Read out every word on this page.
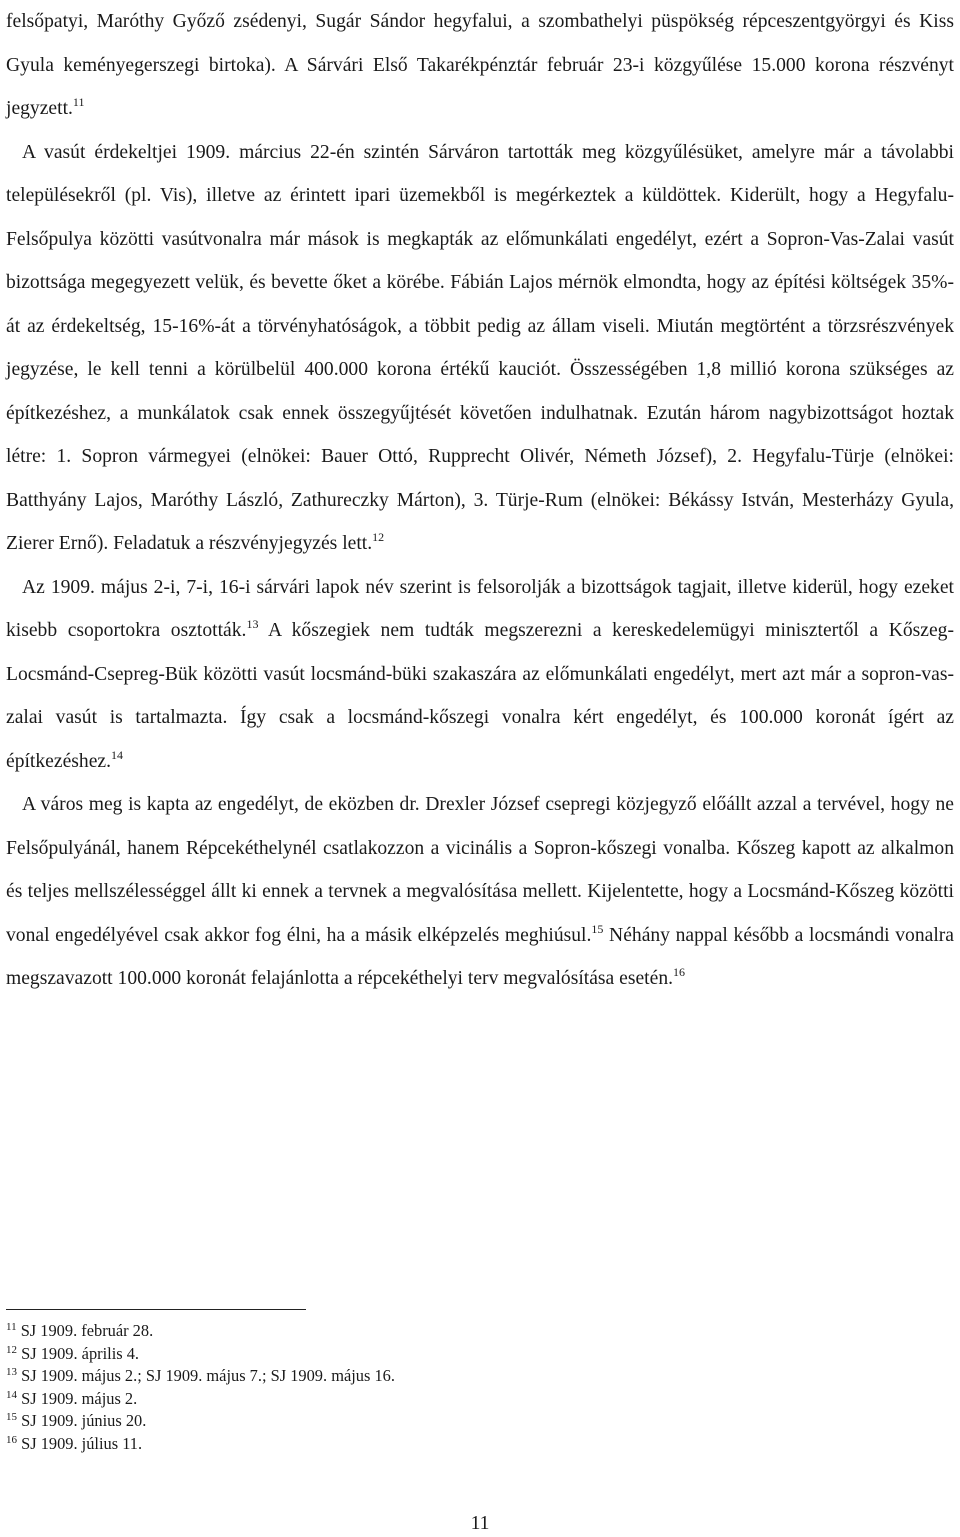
felsőpatyi, Maróthy Győző zsédenyi, Sugár Sándor hegyfalui, a szombathelyi püspökség répceszentgyörgyi és Kiss Gyula keményegerszegi birtoka). A Sárvári Első Takarékpénztár február 23-i közgyűlése 15.000 korona részvényt jegyzett.$^{11}$

A vasút érdekeltjei 1909. március 22-én szintén Sárváron tartották meg közgyűlésüket, amelyre már a távolabbi településekről (pl. Vis), illetve az érintett ipari üzemekből is megérkeztek a küldöttek. Kiderült, hogy a Hegyfalu-Felsőpulya közötti vasútvonalra már mások is megkapták az előmunkálati engedélyt, ezért a Sopron-Vas-Zalai vasút bizottsága megegyezett velük, és bevette őket a körébe. Fábián Lajos mérnök elmondta, hogy az építési költségek 35%-át az érdekeltség, 15-16%-át a törvényhatóságok, a többit pedig az állam viseli. Miután megtörtént a törzsrészvények jegyzése, le kell tenni a körülbelül 400.000 korona értékű kauciót. Összességében 1,8 millió korona szükséges az építkezéshez, a munkálatok csak ennek összegyűjtését követően indulhatnak. Ezután három nagybizottságot hoztak létre: 1. Sopron vármegyei (elnökei: Bauer Ottó, Rupprecht Olivér, Németh József), 2. Hegyfalu-Türje (elnökei: Batthyány Lajos, Maróthy László, Zathureczky Márton), 3. Türje-Rum (elnökei: Békássy István, Mesterházy Gyula, Zierer Ernő). Feladatuk a részvényjegyzés lett.$^{12}$

Az 1909. május 2-i, 7-i, 16-i sárvári lapok név szerint is felsorolják a bizottságok tagjait, illetve kiderül, hogy ezeket kisebb csoportokra osztották.$^{13}$ A kőszegiek nem tudták megszerezni a kereskedelemügyi minisztertől a Kőszeg-Locsmánd-Csepreg-Bük közötti vasút locsmánd-büki szakaszára az előmunkálati engedélyt, mert azt már a sopron-vas-zalai vasút is tartalmazta. Így csak a locsmánd-kőszegi vonalra kért engedélyt, és 100.000 koronát ígért az építkezéshez.$^{14}$

A város meg is kapta az engedélyt, de eközben dr. Drexler József csepregi közjegyző előállt azzal a tervével, hogy ne Felsőpulyánál, hanem Répcekéthelynél csatlakozzon a vicinális a Sopron-kőszegi vonalba. Kőszeg kapott az alkalmon és teljes mellszélességgel állt ki ennek a tervnek a megvalósítása mellett. Kijelentette, hogy a Locsmánd-Kőszeg közötti vonal engedélyével csak akkor fog élni, ha a másik elképzelés meghiúsul.$^{15}$ Néhány nappal később a locsmándi vonalra megszavazott 100.000 koronát felajánlotta a répcekéthelyi terv megvalósítása esetén.$^{16}$

$^{11}$ SJ 1909. február 28.
$^{12}$ SJ 1909. április 4.
$^{13}$ SJ 1909. május 2.; SJ 1909. május 7.; SJ 1909. május 16.
$^{14}$ SJ 1909. május 2.
$^{15}$ SJ 1909. június 20.
$^{16}$ SJ 1909. július 11.
11
